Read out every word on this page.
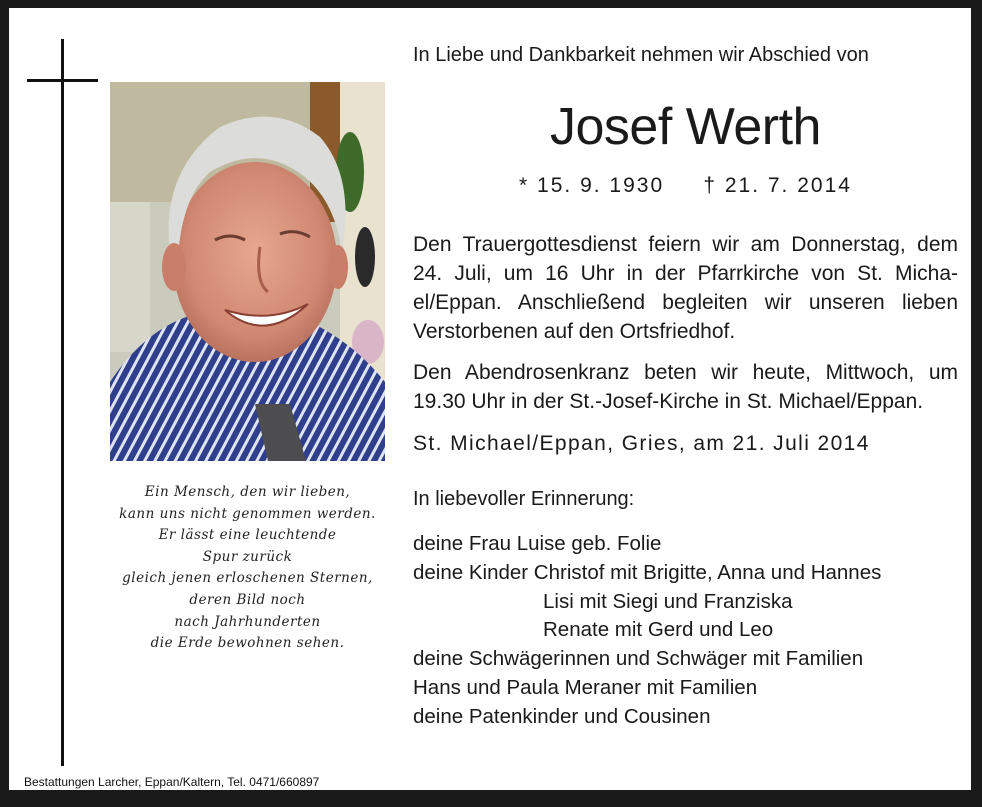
Ein Mensch, den wir lieben,
kann uns nicht genommen werden.
Er lässt eine leuchtende
Spur zurück
gleich jenen erloschenen Sternen,
deren Bild noch
nach Jahrhunderten
die Erde bewohnen sehen.
In Liebe und Dankbarkeit nehmen wir Abschied von
Josef Werth
* 15. 9. 1930     † 21. 7. 2014
Den Trauergottesdienst feiern wir am Donnerstag, dem
24. Juli, um 16 Uhr in der Pfarrkirche von St. Micha-
el/Eppan. Anschließend begleiten wir unseren lieben
Verstorbenen auf den Ortsfriedhof.
Den Abendrosenkranz beten wir heute, Mittwoch, um
19.30 Uhr in der St.-Josef-Kirche in St. Michael/Eppan.
St. Michael/Eppan, Gries, am 21. Juli 2014
In liebevoller Erinnerung:
deine Frau Luise geb. Folie
deine Kinder Christof mit Brigitte, Anna und Hannes
Lisi mit Siegi und Franziska
Renate mit Gerd und Leo
deine Schwägerinnen und Schwäger mit Familien
Hans und Paula Meraner mit Familien
deine Patenkinder und Cousinen
Bestattungen Larcher, Eppan/Kaltern, Tel. 0471/660897
